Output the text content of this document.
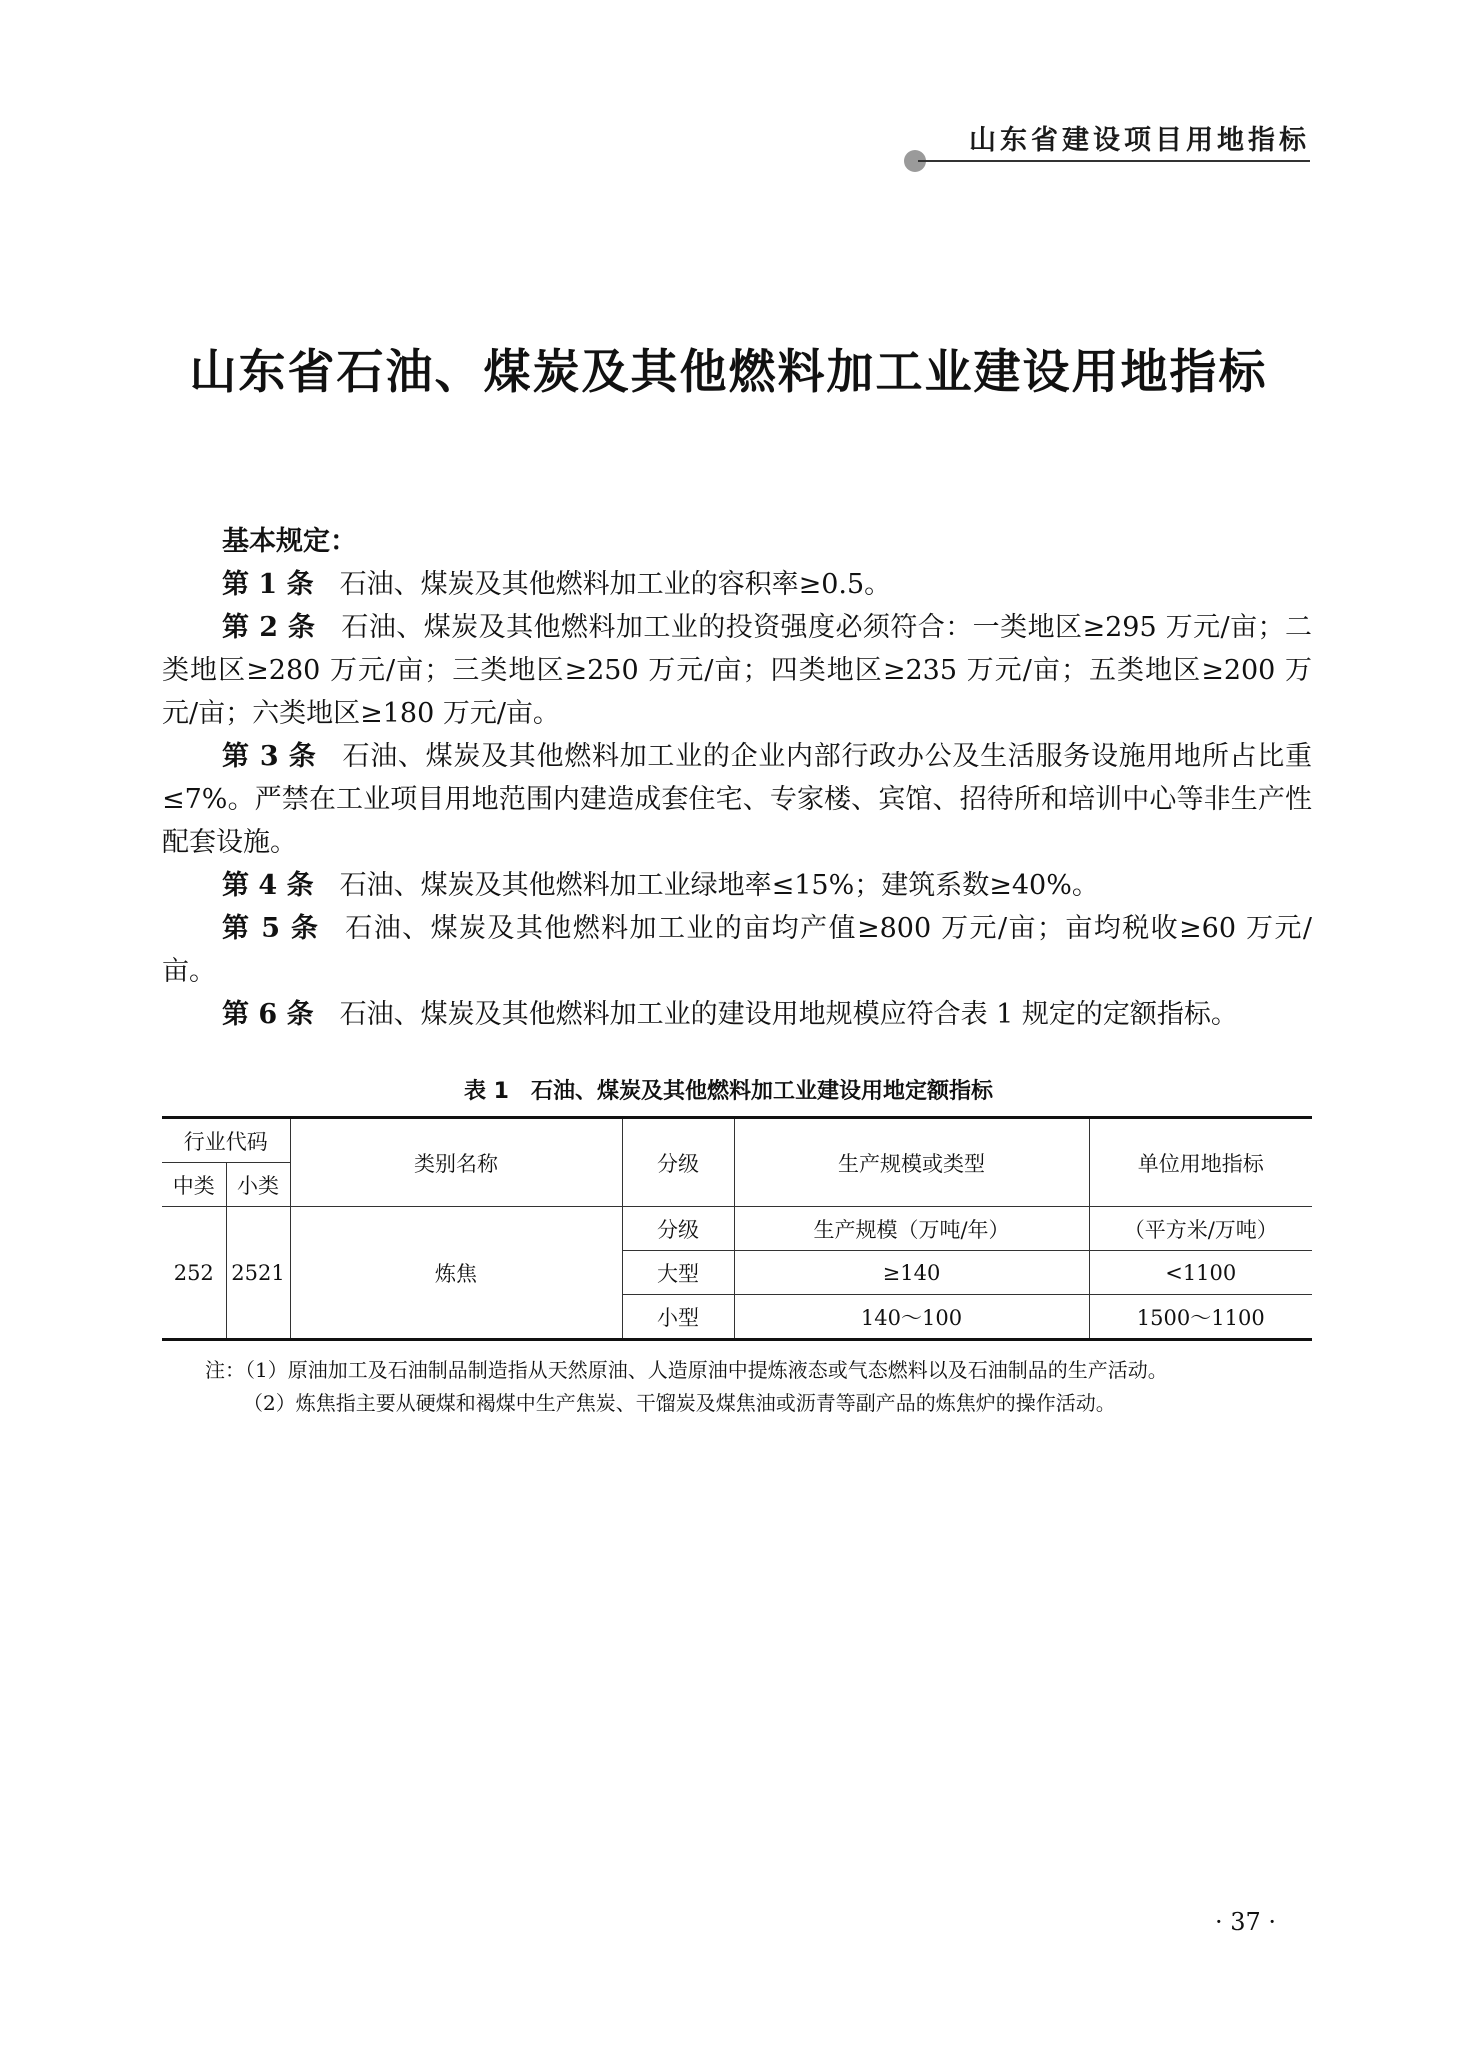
山东省建设项目用地指标
山东省石油、煤炭及其他燃料加工业建设用地指标

基本规定：

第 1 条 石油、煤炭及其他燃料加工业的容积率≥0.5。

第 2 条 石油、煤炭及其他燃料加工业的投资强度必须符合：一类地区≥295 万元/亩；二类地区≥280 万元/亩；三类地区≥250 万元/亩；四类地区≥235 万元/亩；五类地区≥200 万元/亩；六类地区≥180 万元/亩。

第 3 条 石油、煤炭及其他燃料加工业的企业内部行政办公及生活服务设施用地所占比重≤7%。严禁在工业项目用地范围内建造成套住宅、专家楼、宾馆、招待所和培训中心等非生产性配套设施。

第 4 条 石油、煤炭及其他燃料加工业绿地率≤15%；建筑系数≥40%。

第 5 条 石油、煤炭及其他燃料加工业的亩均产值≥800 万元/亩；亩均税收≥60 万元/亩。

第 6 条 石油、煤炭及其他燃料加工业的建设用地规模应符合表 1 规定的定额指标。

表 1　石油、煤炭及其他燃料加工业建设用地定额指标
行业代码		类别名称	分级	生产规模或类型	单位用地指标
中类	小类				
252	2521	炼焦	分级	生产规模（万吨/年）	（平方米/万吨）
			大型	≥140	<1100
			小型	140～100	1500～1100
注：（1）原油加工及石油制品制造指从天然原油、人造原油中提炼液态或气态燃料以及石油制品的生产活动。
（2）炼焦指主要从硬煤和褐煤中生产焦炭、干馏炭及煤焦油或沥青等副产品的炼焦炉的操作活动。
· 37 ·
